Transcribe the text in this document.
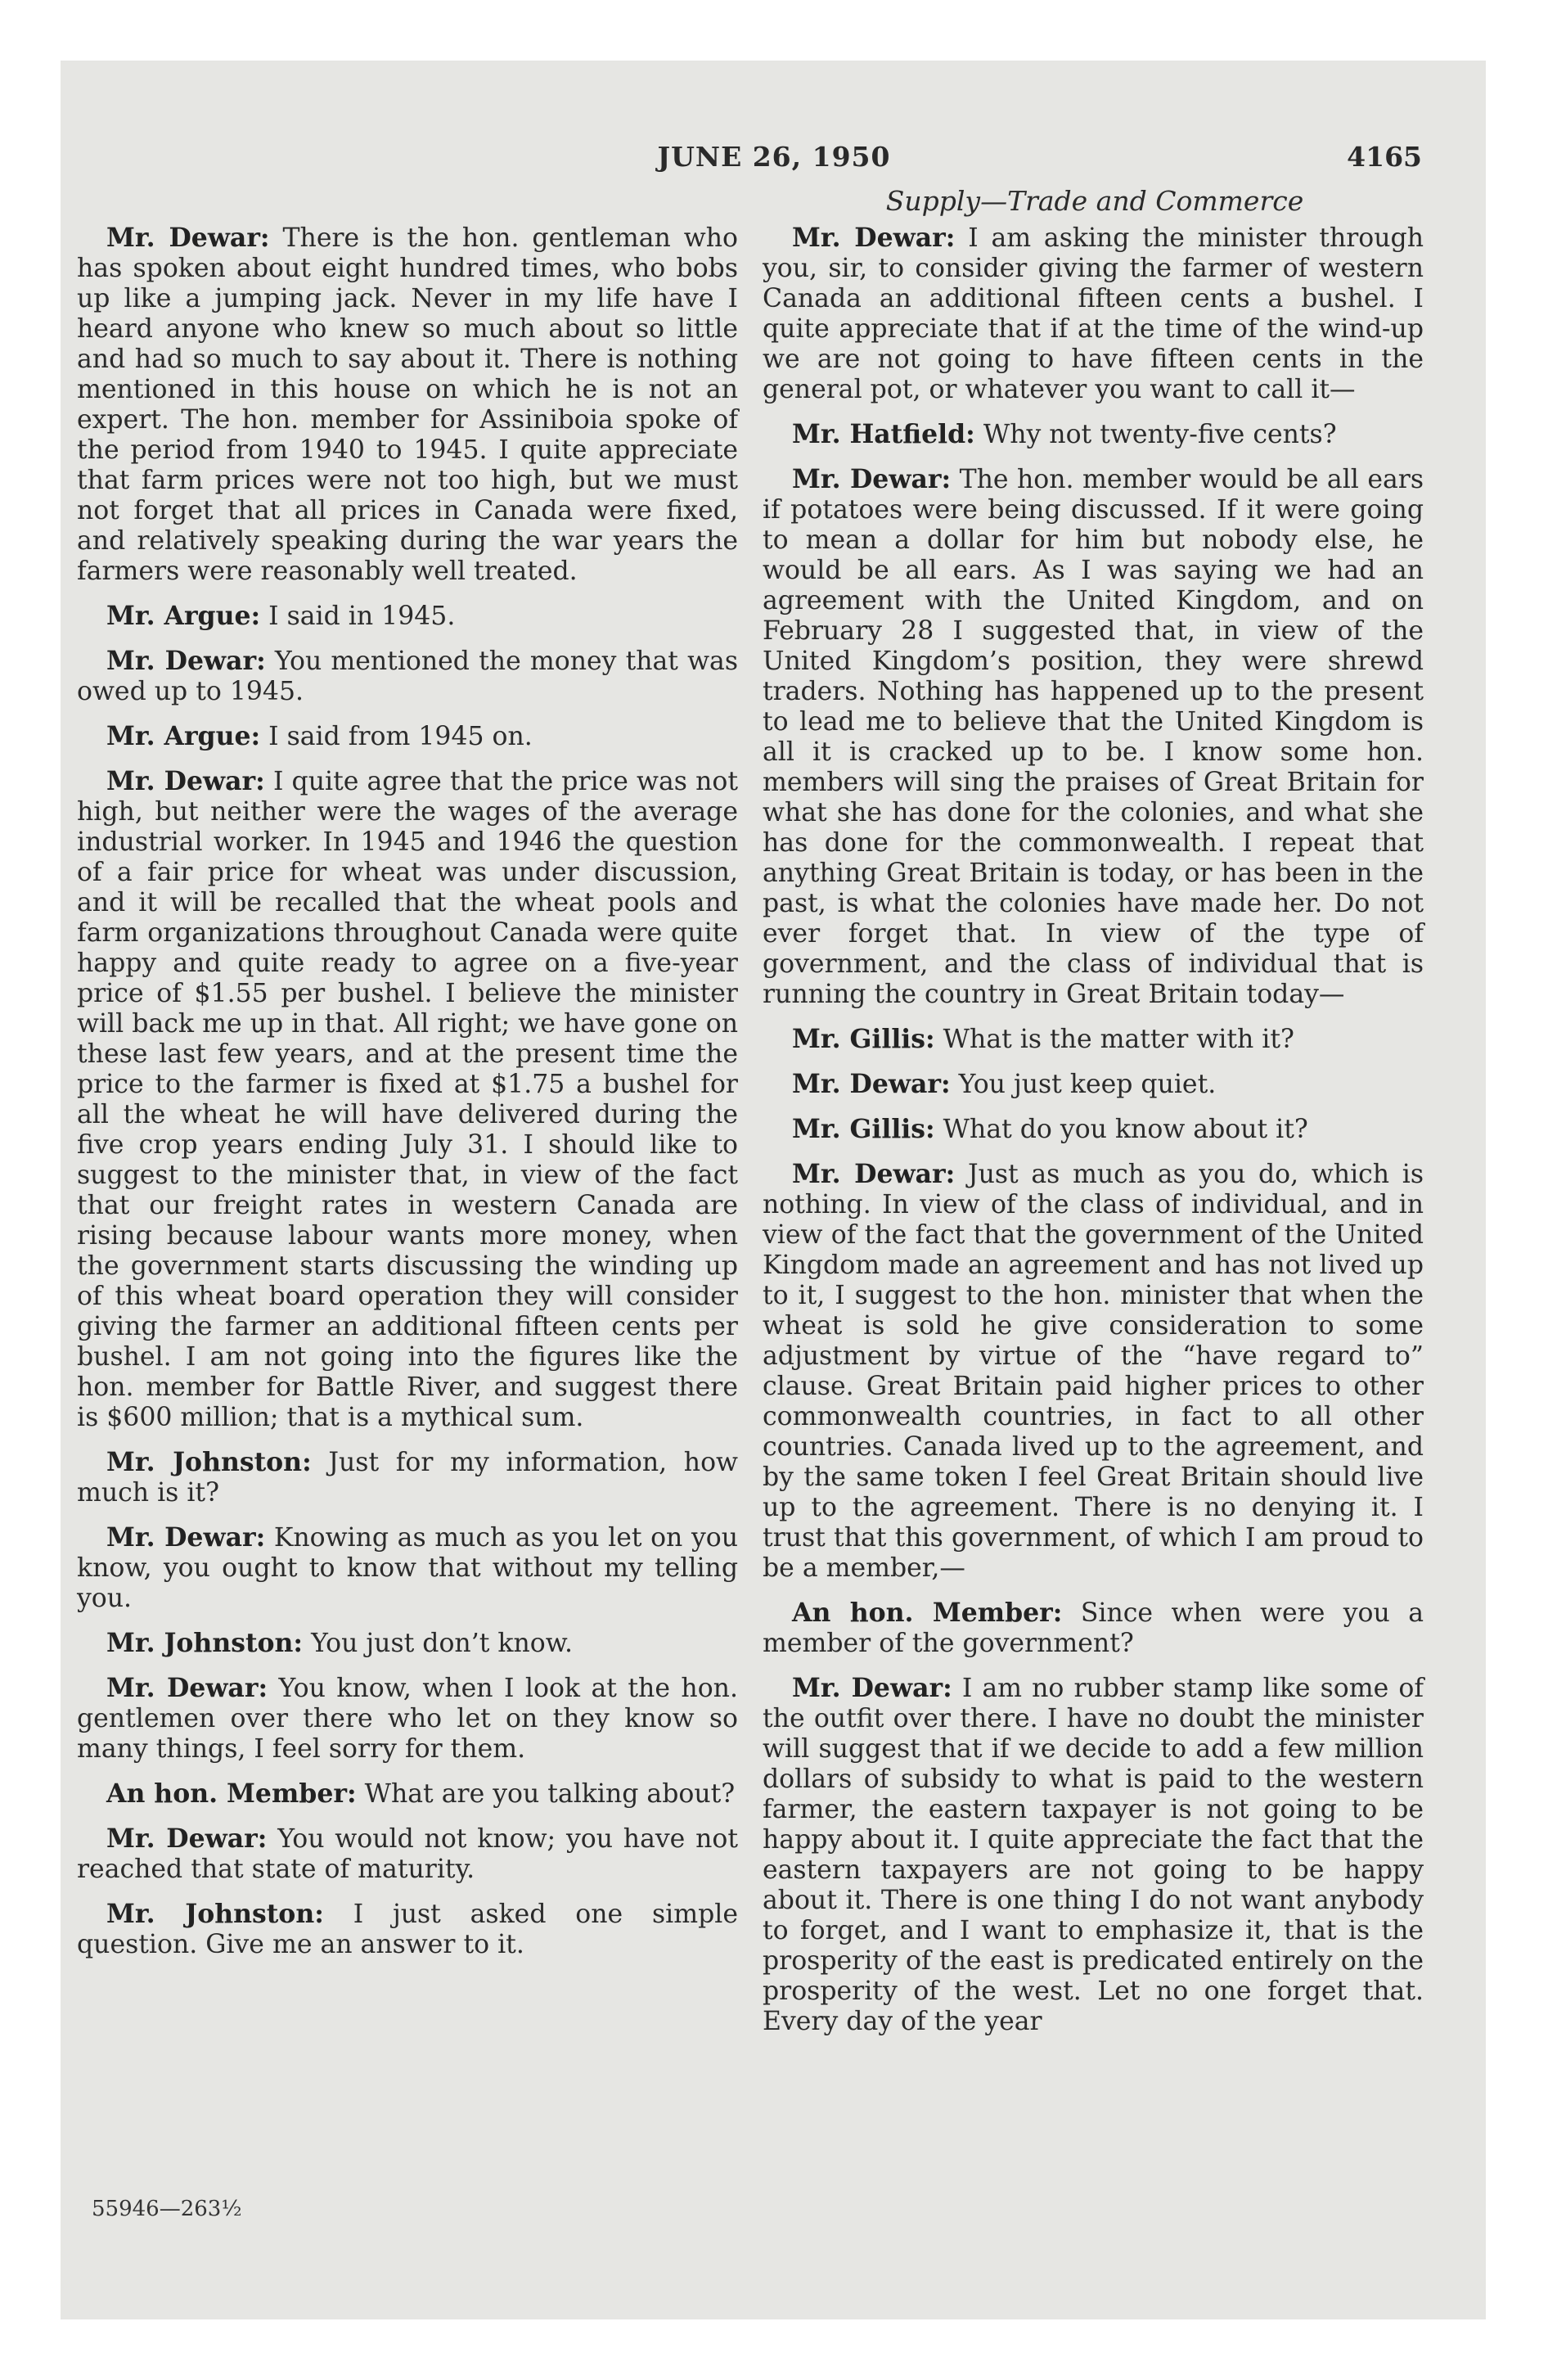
JUNE 26, 1950	4165
Supply—Trade and Commerce

Mr. Dewar: There is the hon. gentleman who has spoken about eight hundred times, who bobs up like a jumping jack. Never in my life have I heard anyone who knew so much about so little and had so much to say about it. There is nothing mentioned in this house on which he is not an expert. The hon. member for Assiniboia spoke of the period from 1940 to 1945. I quite appreciate that farm prices were not too high, but we must not forget that all prices in Canada were fixed, and relatively speaking during the war years the farmers were reasonably well treated.

Mr. Argue: I said in 1945.

Mr. Dewar: You mentioned the money that was owed up to 1945.

Mr. Argue: I said from 1945 on.

Mr. Dewar: I quite agree that the price was not high, but neither were the wages of the average industrial worker. In 1945 and 1946 the question of a fair price for wheat was under discussion, and it will be recalled that the wheat pools and farm organizations throughout Canada were quite happy and quite ready to agree on a five-year price of $1.55 per bushel. I believe the minister will back me up in that. All right; we have gone on these last few years, and at the present time the price to the farmer is fixed at $1.75 a bushel for all the wheat he will have delivered during the five crop years ending July 31. I should like to suggest to the minister that, in view of the fact that our freight rates in western Canada are rising because labour wants more money, when the government starts discussing the winding up of this wheat board operation they will consider giving the farmer an additional fifteen cents per bushel. I am not going into the figures like the hon. member for Battle River, and suggest there is $600 million; that is a mythical sum.

Mr. Johnston: Just for my information, how much is it?

Mr. Dewar: Knowing as much as you let on you know, you ought to know that without my telling you.

Mr. Johnston: You just don’t know.

Mr. Dewar: You know, when I look at the hon. gentlemen over there who let on they know so many things, I feel sorry for them.

An hon. Member: What are you talking about?

Mr. Dewar: You would not know; you have not reached that state of maturity.

Mr. Johnston: I just asked one simple question. Give me an answer to it.

Mr. Dewar: I am asking the minister through you, sir, to consider giving the farmer of western Canada an additional fifteen cents a bushel. I quite appreciate that if at the time of the wind-up we are not going to have fifteen cents in the general pot, or whatever you want to call it—

Mr. Hatfield: Why not twenty-five cents?

Mr. Dewar: The hon. member would be all ears if potatoes were being discussed. If it were going to mean a dollar for him but nobody else, he would be all ears. As I was saying we had an agreement with the United Kingdom, and on February 28 I suggested that, in view of the United Kingdom’s position, they were shrewd traders. Nothing has happened up to the present to lead me to believe that the United Kingdom is all it is cracked up to be. I know some hon. members will sing the praises of Great Britain for what she has done for the colonies, and what she has done for the commonwealth. I repeat that anything Great Britain is today, or has been in the past, is what the colonies have made her. Do not ever forget that. In view of the type of government, and the class of individual that is running the country in Great Britain today—

Mr. Gillis: What is the matter with it?

Mr. Dewar: You just keep quiet.

Mr. Gillis: What do you know about it?

Mr. Dewar: Just as much as you do, which is nothing. In view of the class of individual, and in view of the fact that the government of the United Kingdom made an agreement and has not lived up to it, I suggest to the hon. minister that when the wheat is sold he give consideration to some adjustment by virtue of the “have regard to” clause. Great Britain paid higher prices to other commonwealth countries, in fact to all other countries. Canada lived up to the agreement, and by the same token I feel Great Britain should live up to the agreement. There is no denying it. I trust that this government, of which I am proud to be a member,—

An hon. Member: Since when were you a member of the government?

Mr. Dewar: I am no rubber stamp like some of the outfit over there. I have no doubt the minister will suggest that if we decide to add a few million dollars of subsidy to what is paid to the western farmer, the eastern taxpayer is not going to be happy about it. I quite appreciate the fact that the eastern taxpayers are not going to be happy about it. There is one thing I do not want anybody to forget, and I want to emphasize it, that is the prosperity of the east is predicated entirely on the prosperity of the west. Let no one forget that. Every day of the year

55946—263½
